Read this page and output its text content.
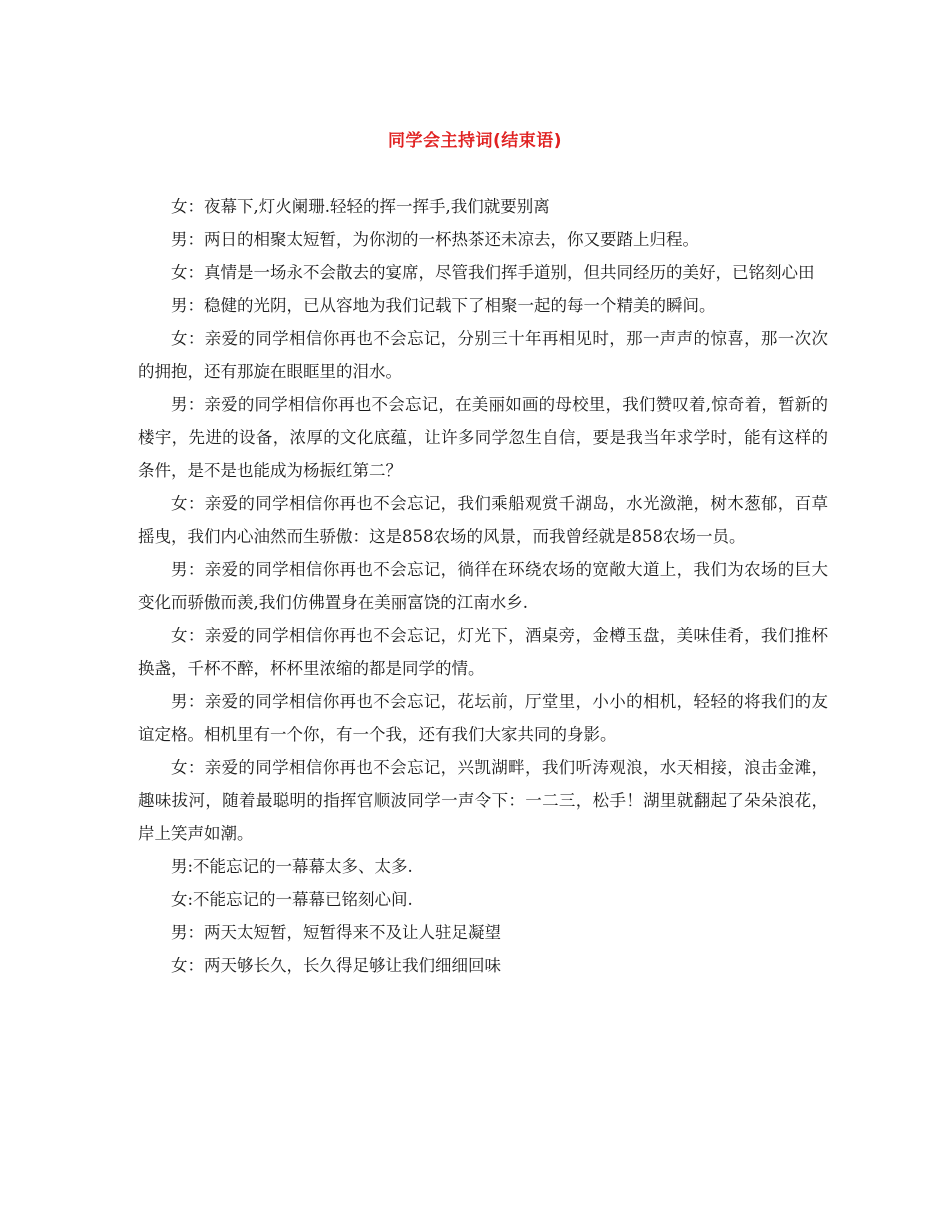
同学会主持词(结束语)

女：夜幕下,灯火阑珊.轻轻的挥一挥手,我们就要别离

男：两日的相聚太短暂，为你沏的一杯热茶还未凉去，你又要踏上归程。

女：真情是一场永不会散去的宴席，尽管我们挥手道别，但共同经历的美好，已铭刻心田

男：稳健的光阴，已从容地为我们记载下了相聚一起的每一个精美的瞬间。

女：亲爱的同学相信你再也不会忘记，分别三十年再相见时，那一声声的惊喜，那一次次的拥抱，还有那旋在眼眶里的泪水。

男：亲爱的同学相信你再也不会忘记，在美丽如画的母校里，我们赞叹着,惊奇着，暂新的楼宇，先进的设备，浓厚的文化底蕴，让许多同学忽生自信，要是我当年求学时，能有这样的条件，是不是也能成为杨振红第二？

女：亲爱的同学相信你再也不会忘记，我们乘船观赏千湖岛，水光潋滟，树木葱郁，百草摇曳，我们内心油然而生骄傲：这是858农场的风景，而我曾经就是858农场一员。

男：亲爱的同学相信你再也不会忘记，徜徉在环绕农场的宽敞大道上，我们为农场的巨大变化而骄傲而羡,我们仿佛置身在美丽富饶的江南水乡.

女：亲爱的同学相信你再也不会忘记，灯光下，酒桌旁，金樽玉盘，美味佳肴，我们推杯换盏，千杯不醉，杯杯里浓缩的都是同学的情。

男：亲爱的同学相信你再也不会忘记，花坛前，厅堂里，小小的相机，轻轻的将我们的友谊定格。相机里有一个你，有一个我，还有我们大家共同的身影。

女：亲爱的同学相信你再也不会忘记，兴凯湖畔，我们听涛观浪，水天相接，浪击金滩，趣味拔河，随着最聪明的指挥官顺波同学一声令下：一二三，松手！湖里就翻起了朵朵浪花，岸上笑声如潮。

男:不能忘记的一幕幕太多、太多.

女:不能忘记的一幕幕已铭刻心间.

男：两天太短暂，短暂得来不及让人驻足凝望

女：两天够长久，长久得足够让我们细细回味
